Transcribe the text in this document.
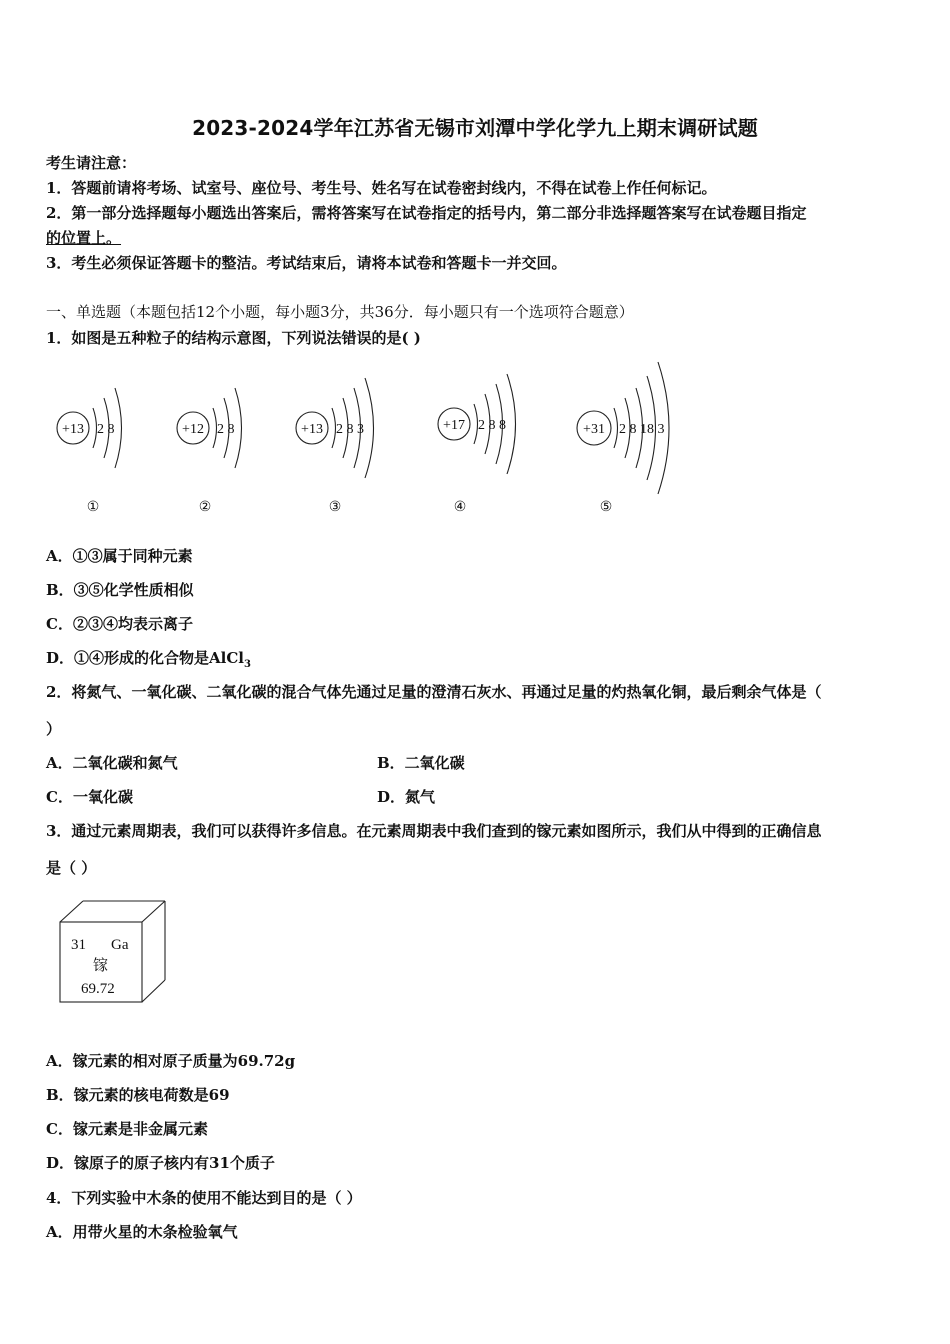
2023-2024学年江苏省无锡市刘潭中学化学九上期末调研试题
考生请注意：
1．答题前请将考场、试室号、座位号、考生号、姓名写在试卷密封线内，不得在试卷上作任何标记。
2．第一部分选择题每小题选出答案后，需将答案写在试卷指定的括号内，第二部分非选择题答案写在试卷题目指定
的位置上。
3．考生必须保证答题卡的整洁。考试结束后，请将本试卷和答题卡一并交回。
一、单选题（本题包括12个小题，每小题3分，共36分．每小题只有一个选项符合题意）
1．如图是五种粒子的结构示意图，下列说法错误的是( )
+13 2 8	+12 2 8	+13 2 8 3	+17 2 8 8	+31 2 8 18 3
①	②	③	④	⑤
A．①③属于同种元素
B．③⑤化学性质相似
C．②③④均表示离子
D．①④形成的化合物是AlCl$_3$
2．将氮气、一氧化碳、二氧化碳的混合气体先通过足量的澄清石灰水、再通过足量的灼热氧化铜，最后剩余气体是（
）
A．二氧化碳和氮气	B．二氧化碳
C．一氧化碳	D．氮气
3．通过元素周期表，我们可以获得许多信息。在元素周期表中我们查到的镓元素如图所示，我们从中得到的正确信息
是（ ）
31 Ga
镓
69.72
A．镓元素的相对原子质量为69.72g
B．镓元素的核电荷数是69
C．镓元素是非金属元素
D．镓原子的原子核内有31个质子
4．下列实验中木条的使用不能达到目的是（ ）
A．用带火星的木条检验氧气
